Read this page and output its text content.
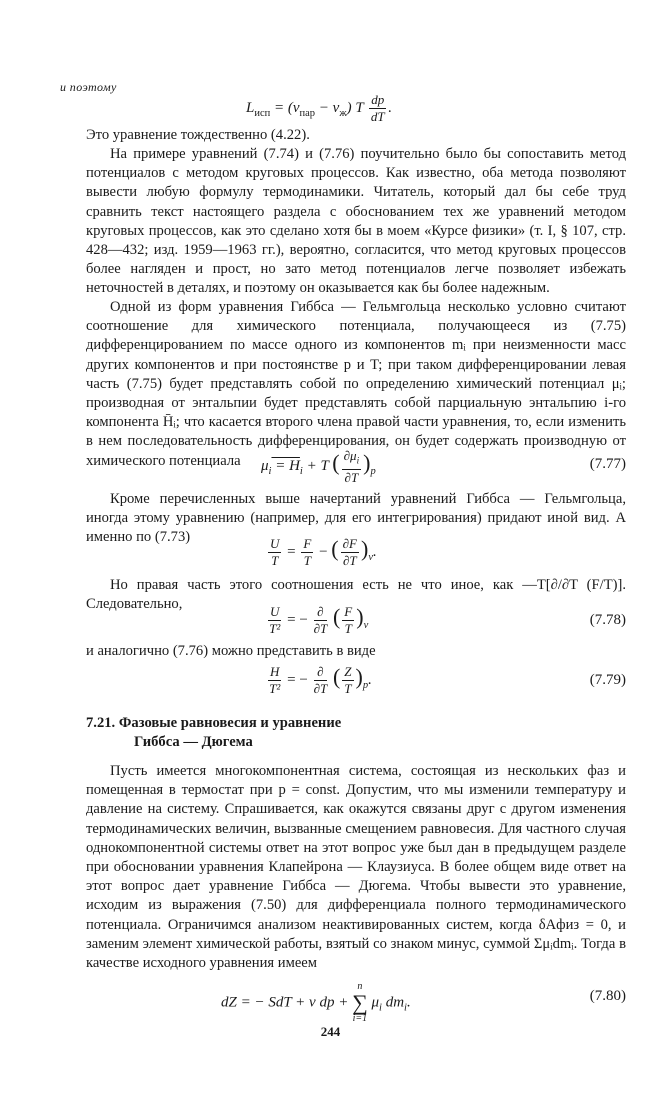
и поэтому
$L_{исп} = (v_{пар} - v_ж)$ T $\frac{dp}{dT}$ .

Это уравнение тождественно (4.22).

На примере уравнений (7.74) и (7.76) поучительно было бы сопоставить метод потенциалов с методом круговых процессов. Как известно, оба метода позволяют вывести любую формулу термодинамики. Читатель, который дал бы себе труд сравнить текст настоящего раздела с обоснованием тех же уравнений методом круговых процессов, как это сделано хотя бы в моем «Курсе физики» (т. I, § 107, стр. 428—432; изд. 1959—1963 гг.), вероятно, согласится, что метод круговых процессов более нагляден и прост, но зато метод потенциалов легче позволяет избежать неточностей в деталях, и поэтому он оказывается как бы более надежным.

Одной из форм уравнения Гиббса — Гельмгольца несколько условно считают соотношение для химического потенциала, получающееся из (7.75) дифференцированием по массе одного из компонентов mᵢ при неизменности масс других компонентов и при постоянстве p и T; при таком дифференцировании левая часть (7.75) будет представлять собой по определению химический потенциал μᵢ; производная от энтальпии будет представлять собой парциальную энтальпию i-го компонента H̄ᵢ; что касается второго члена правой части уравнения, то, если изменить в нем последовательность дифференцирования, он будет содержать производную от химического потенциала	$\mu_i = H_i + T$ ( $\frac{\partial\mu_i}{\partial T} )_p$	(7.77)

Кроме перечисленных выше начертаний уравнений Гиббса — Гельмгольца, иногда этому уравнению (например, для его интегрирования) придают иной вид. А именно по (7.73)	$\frac{U}{T} = \frac{F}{T}$ − ( $\frac{\partial F}{\partial T} )_v$.

Но правая часть этого соотношения есть не что иное, как —T[∂/∂T (F/T)]. Следовательно,	$\frac{U}{\text{T²}}$ = − $\frac{\partial}{\partial T}$ ( $\frac{F}{T} )_v$	(7.78)

и аналогично (7.76) можно представить в виде

$\frac{H}{\text{T²}}$ = − $\frac{\partial}{\partial T}$ ( $\frac{Z}{T} )_p$.	(7.79)
7.21. Фазовые равновесия и уравнение
Гиббса — Дюгема

Пусть имеется многокомпонентная система, состоящая из нескольких фаз и помещенная в термостат при p = const. Допустим, что мы изменили температуру и давление на систему. Спрашивается, как окажутся связаны друг с другом изменения термодинамических величин, вызванные смещением равновесия. Для частного случая однокомпонентной системы ответ на этот вопрос уже был дан в предыдущем разделе при обосновании уравнения Клапейрона — Клаузиуса. В более общем виде ответ на этот вопрос дает уравнение Гиббса — Дюгема. Чтобы вывести это уравнение, исходим из выражения (7.50) для дифференциала полного термодинамического потенциала. Ограничимся анализом неактивированных систем, когда δAфиз = 0, и заменим элемент химической работы, взятый со знаком минус, суммой Σμᵢdmᵢ. Тогда в качестве исходного уравнения имеем

dZ = − SdT + v dp +
n
∑
i=1
$\mu_i$ $dm_i$.	(7.80)
244
